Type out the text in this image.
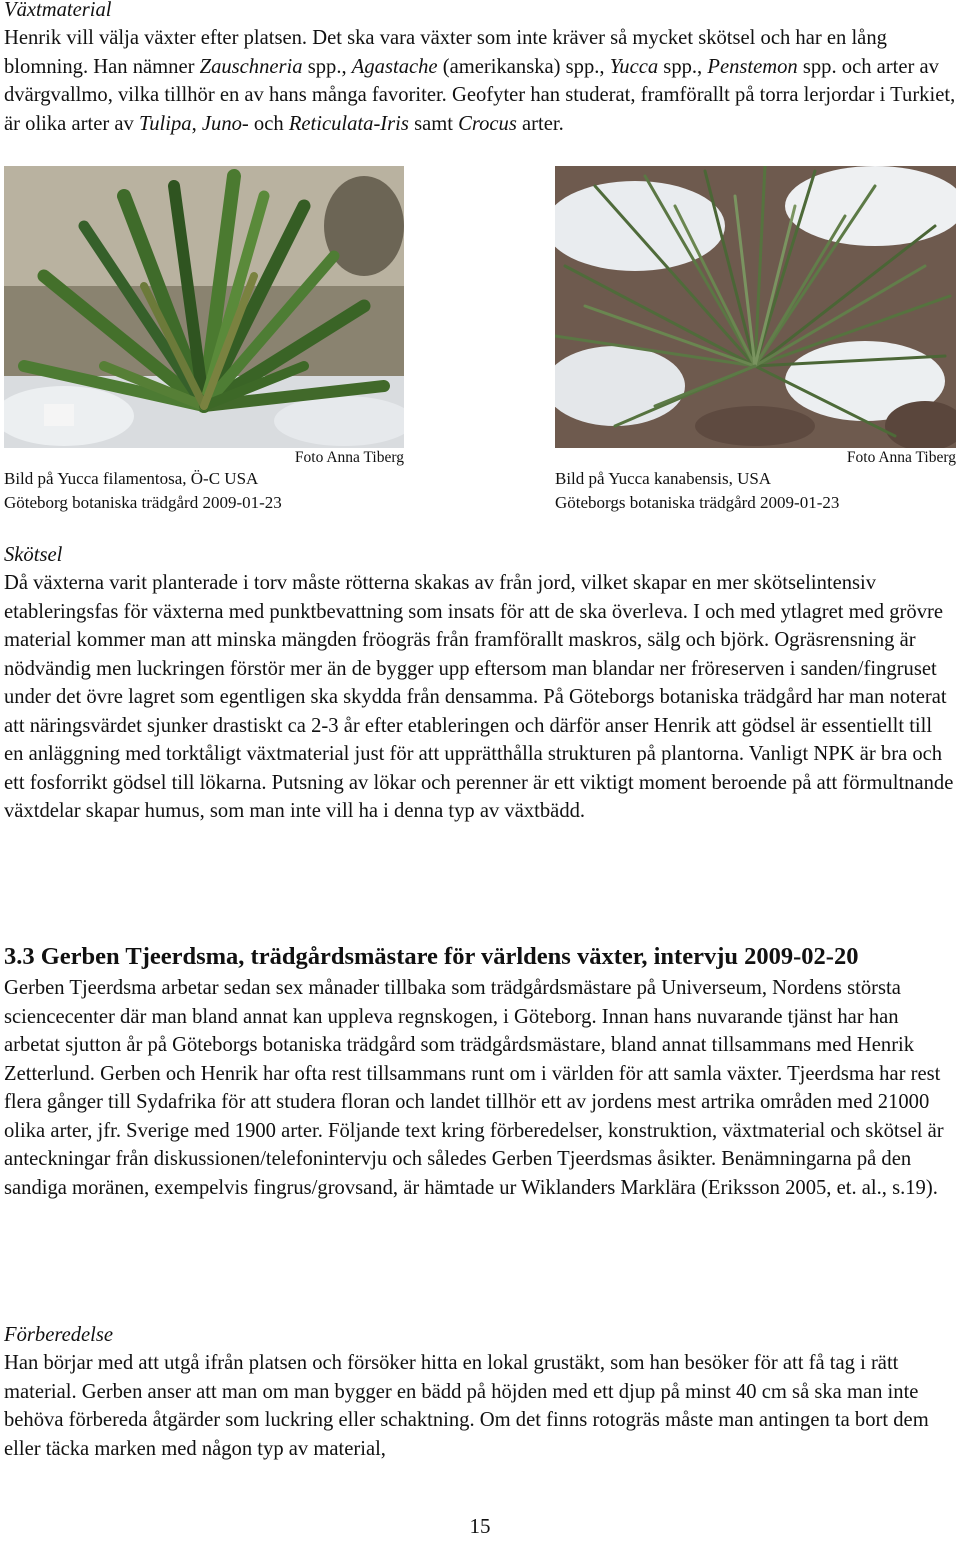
Växtmaterial

Henrik vill välja växter efter platsen. Det ska vara växter som inte kräver så mycket skötsel och har en lång blomning. Han nämner Zauschneria spp., Agastache (amerikanska) spp., Yucca spp., Penstemon spp. och arter av dvärgvallmo, vilka tillhör en av hans många favoriter. Geofyter han studerat, framförallt på torra lerjordar i Turkiet, är olika arter av Tulipa, Juno- och Reticulata-Iris samt Crocus arter.

Foto Anna Tiberg
Bild på Yucca filamentosa, Ö-C USA
Göteborg botaniska trädgård 2009-01-23
Foto Anna Tiberg
Bild på Yucca kanabensis, USA
Göteborgs botaniska trädgård 2009-01-23

Skötsel

Då växterna varit planterade i torv måste rötterna skakas av från jord, vilket skapar en mer skötselintensiv etableringsfas för växterna med punktbevattning som insats för att de ska överleva. I och med ytlagret med grövre material kommer man att minska mängden fröogräs från framförallt maskros, sälg och björk. Ogräsrensning är nödvändig men luckringen förstör mer än de bygger upp eftersom man blandar ner fröreserven i sanden/fingruset under det övre lagret som egentligen ska skydda från densamma. På Göteborgs botaniska trädgård har man noterat att näringsvärdet sjunker drastiskt ca 2-3 år efter etableringen och därför anser Henrik att gödsel är essentiellt till en anläggning med torktåligt växtmaterial just för att upprätthålla strukturen på plantorna. Vanligt NPK är bra och ett fosforrikt gödsel till lökarna. Putsning av lökar och perenner är ett viktigt moment beroende på att förmultnande växtdelar skapar humus, som man inte vill ha i denna typ av växtbädd.

3.3 Gerben Tjeerdsma, trädgårdsmästare för världens växter, intervju 2009-02-20

Gerben Tjeerdsma arbetar sedan sex månader tillbaka som trädgårdsmästare på Universeum, Nordens största sciencecenter där man bland annat kan uppleva regnskogen, i Göteborg. Innan hans nuvarande tjänst har han arbetat sjutton år på Göteborgs botaniska trädgård som trädgårdsmästare, bland annat tillsammans med Henrik Zetterlund. Gerben och Henrik har ofta rest tillsammans runt om i världen för att samla växter. Tjeerdsma har rest flera gånger till Sydafrika för att studera floran och landet tillhör ett av jordens mest artrika områden med 21000 olika arter, jfr. Sverige med 1900 arter. Följande text kring förberedelser, konstruktion, växtmaterial och skötsel är anteckningar från diskussionen/telefonintervju och således Gerben Tjeerdsmas åsikter. Benämningarna på den sandiga moränen, exempelvis fingrus/grovsand, är hämtade ur Wiklanders Marklära (Eriksson 2005, et. al., s.19).

Förberedelse

Han börjar med att utgå ifrån platsen och försöker hitta en lokal grustäkt, som han besöker för att få tag i rätt material. Gerben anser att man om man bygger en bädd på höjden med ett djup på minst 40 cm så ska man inte behöva förbereda åtgärder som luckring eller schaktning. Om det finns rotogräs måste man antingen ta bort dem eller täcka marken med någon typ av material,

15
